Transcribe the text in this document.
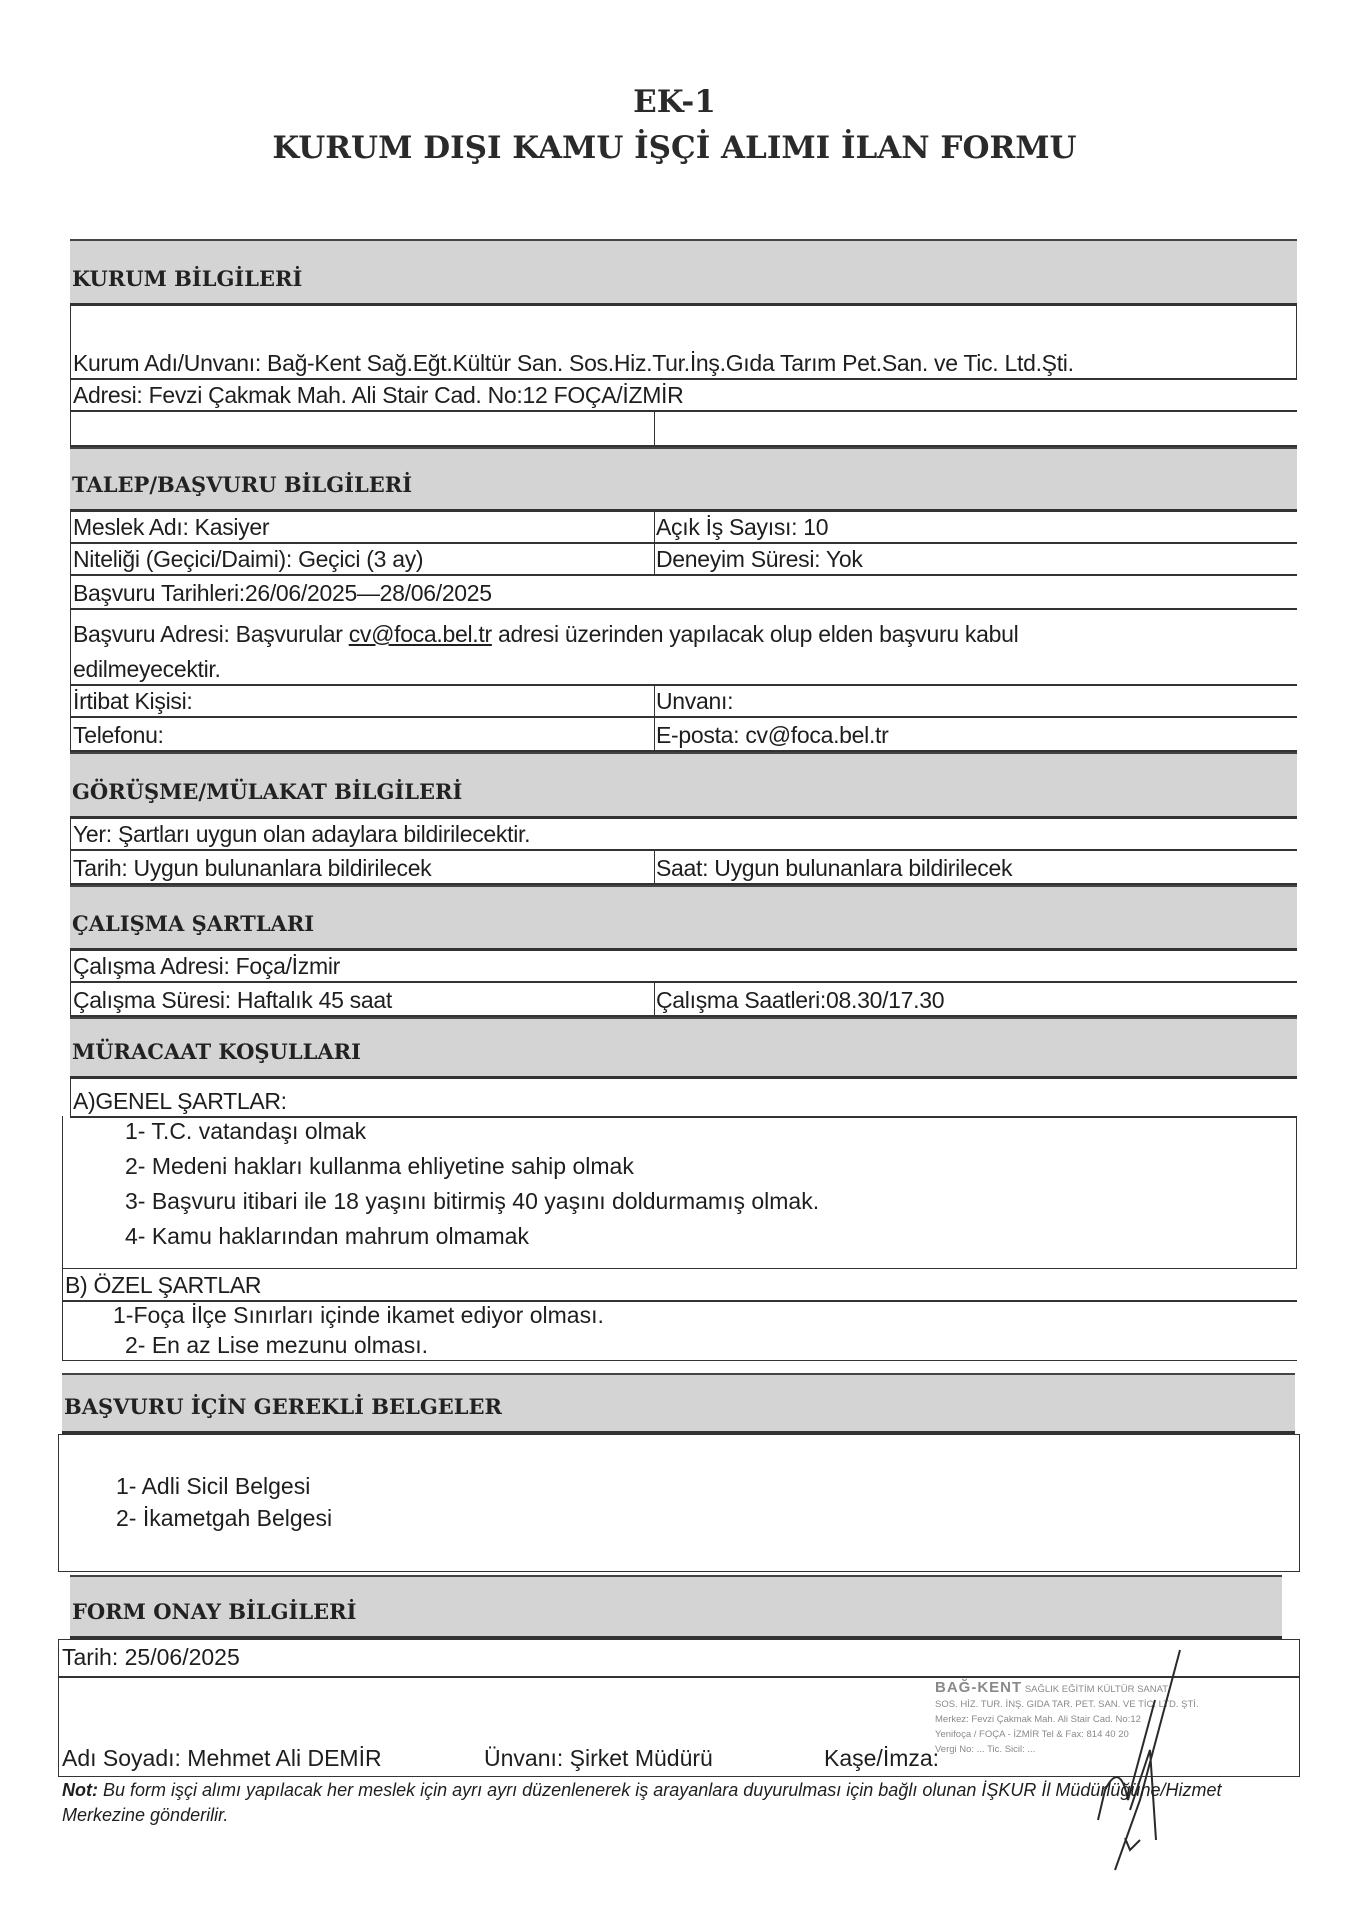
EK-1
KURUM DIŞI KAMU İŞÇİ ALIMI İLAN FORMU
KURUM BİLGİLERİ
Kurum Adı/Unvanı: Bağ-Kent Sağ.Eğt.Kültür San. Sos.Hiz.Tur.İnş.Gıda Tarım Pet.San. ve Tic. Ltd.Şti.
Adresi: Fevzi Çakmak Mah. Ali Stair Cad. No:12 FOÇA/İZMİR
TALEP/BAŞVURU BİLGİLERİ
Meslek Adı: Kasiyer	Açık İş Sayısı: 10
Niteliği (Geçici/Daimi): Geçici (3 ay)	Deneyim Süresi: Yok
Başvuru Tarihleri:26/06/2025—28/06/2025
Başvuru Adresi: Başvurular cv@foca.bel.tr adresi üzerinden yapılacak olup elden başvuru kabul
edilmeyecektir.
İrtibat Kişisi:	Unvanı:
Telefonu:	E-posta: cv@foca.bel.tr
GÖRÜŞME/MÜLAKAT BİLGİLERİ
Yer: Şartları uygun olan adaylara bildirilecektir.
Tarih: Uygun bulunanlara bildirilecek	Saat: Uygun bulunanlara bildirilecek
ÇALIŞMA ŞARTLARI
Çalışma Adresi: Foça/İzmir
Çalışma Süresi: Haftalık 45 saat	Çalışma Saatleri:08.30/17.30
MÜRACAAT KOŞULLARI
A)GENEL ŞARTLAR:
1- T.C. vatandaşı olmak
2- Medeni hakları kullanma ehliyetine sahip olmak
3- Başvuru itibari ile 18 yaşını bitirmiş 40 yaşını doldurmamış olmak.
4- Kamu haklarından mahrum olmamak
B) ÖZEL ŞARTLAR
1-Foça İlçe Sınırları içinde ikamet ediyor olması.
2- En az Lise mezunu olması.
BAŞVURU İÇİN GEREKLİ BELGELER
1- Adli Sicil Belgesi
2- İkametgah Belgesi
FORM ONAY BİLGİLERİ
Tarih: 25/06/2025
Adı Soyadı: Mehmet Ali DEMİR	Ünvanı: Şirket Müdürü	Kaşe/İmza:
BAĞ-KENT SAĞLIK EĞİTİM KÜLTÜR SANAT
SOS. HİZ. TUR. İNŞ. GIDA TAR. PET. SAN. VE TİC. LTD. ŞTİ.
Merkez: Fevzi Çakmak Mah. Ali Stair Cad. No:12
Yenifoça / FOÇA - İZMİR Tel & Fax: 814 40 20
Vergi No: ... Tic. Sicil: ...
Not: Bu form işçi alımı yapılacak her meslek için ayrı ayrı düzenlenerek iş arayanlara duyurulması için bağlı olunan İŞKUR İl Müdürlüğüne/Hizmet Merkezine gönderilir.
